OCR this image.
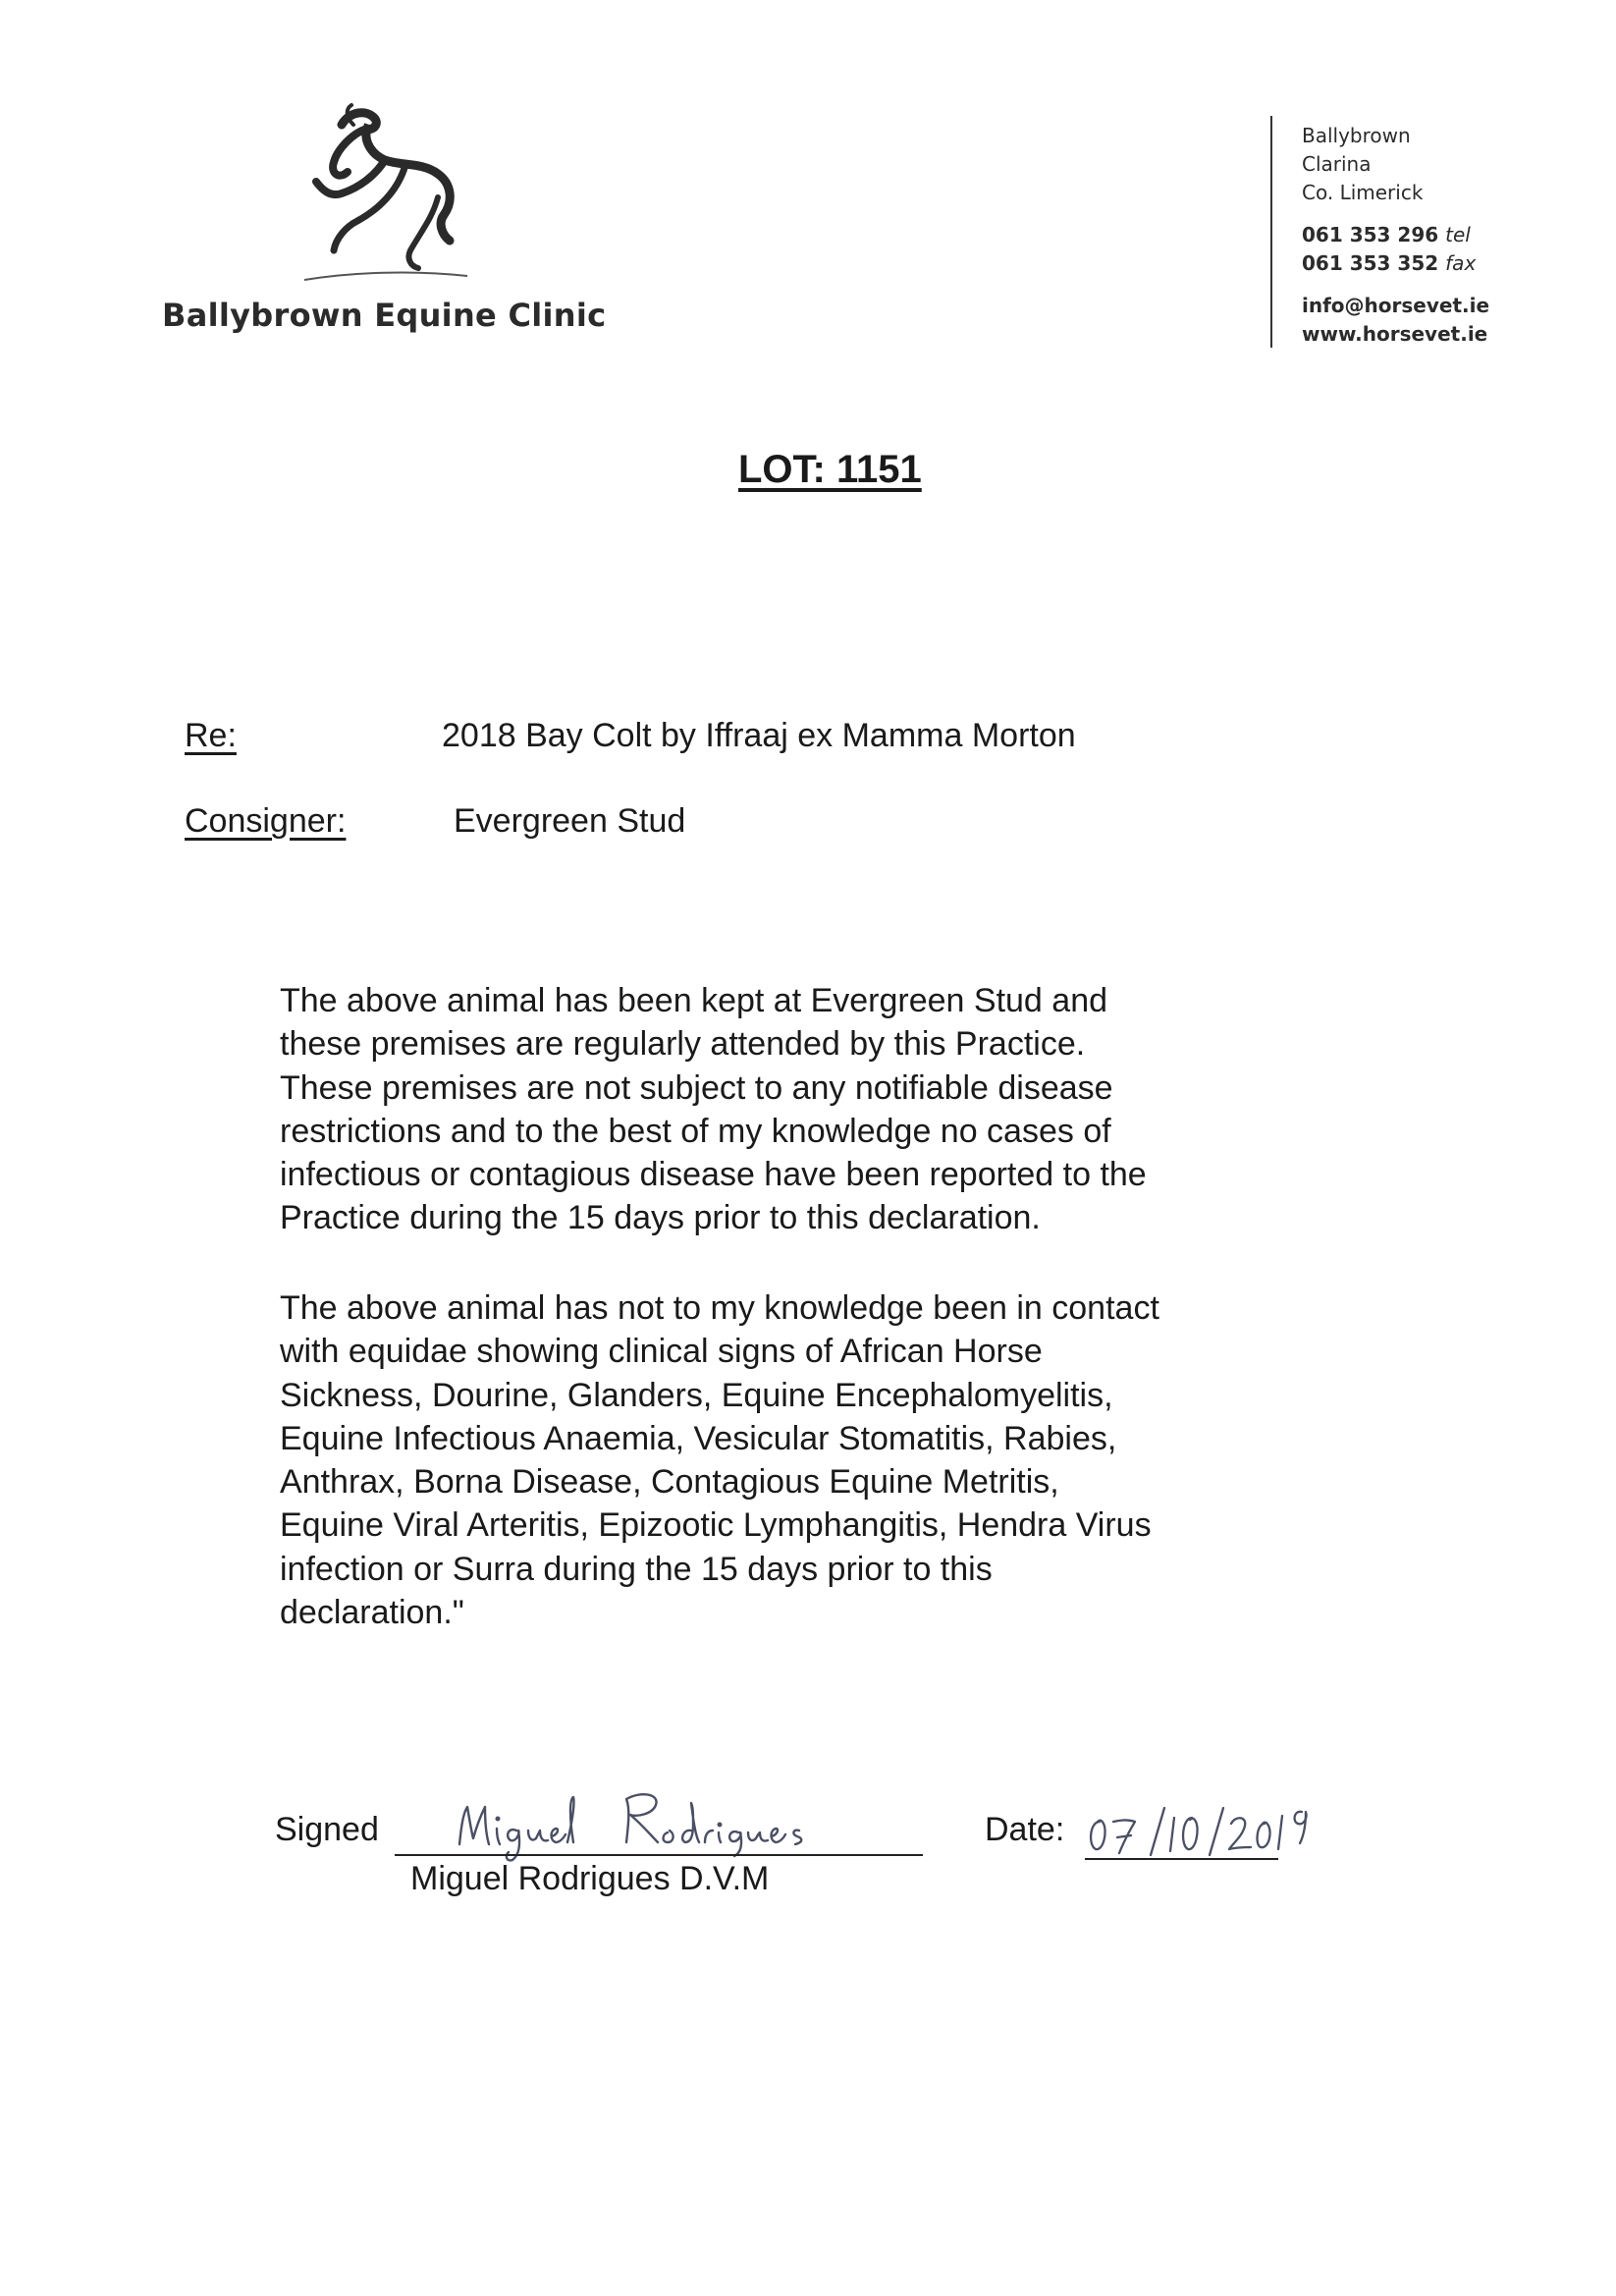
Ballybrown Equine Clinic
Ballybrown
Clarina
Co. Limerick
061 353 296 tel
061 353 352 fax
info@horsevet.ie
www.horsevet.ie
LOT: 1151
Re:	2018 Bay Colt by Iffraaj ex Mamma Morton
Consigner:	Evergreen Stud
The above animal has been kept at Evergreen Stud and
these premises are regularly attended by this Practice.
These premises are not subject to any notifiable disease
restrictions and to the best of my knowledge no cases of
infectious or contagious disease have been reported to the
Practice during the 15 days prior to this declaration.
The above animal has not to my knowledge been in contact
with equidae showing clinical signs of African Horse
Sickness, Dourine, Glanders, Equine Encephalomyelitis,
Equine Infectious Anaemia, Vesicular Stomatitis, Rabies,
Anthrax, Borna Disease, Contagious Equine Metritis,
Equine Viral Arteritis, Epizootic Lymphangitis, Hendra Virus
infection or Surra during the 15 days prior to this
declaration."
Signed
Miguel Rodrigues D.V.M
Date:
